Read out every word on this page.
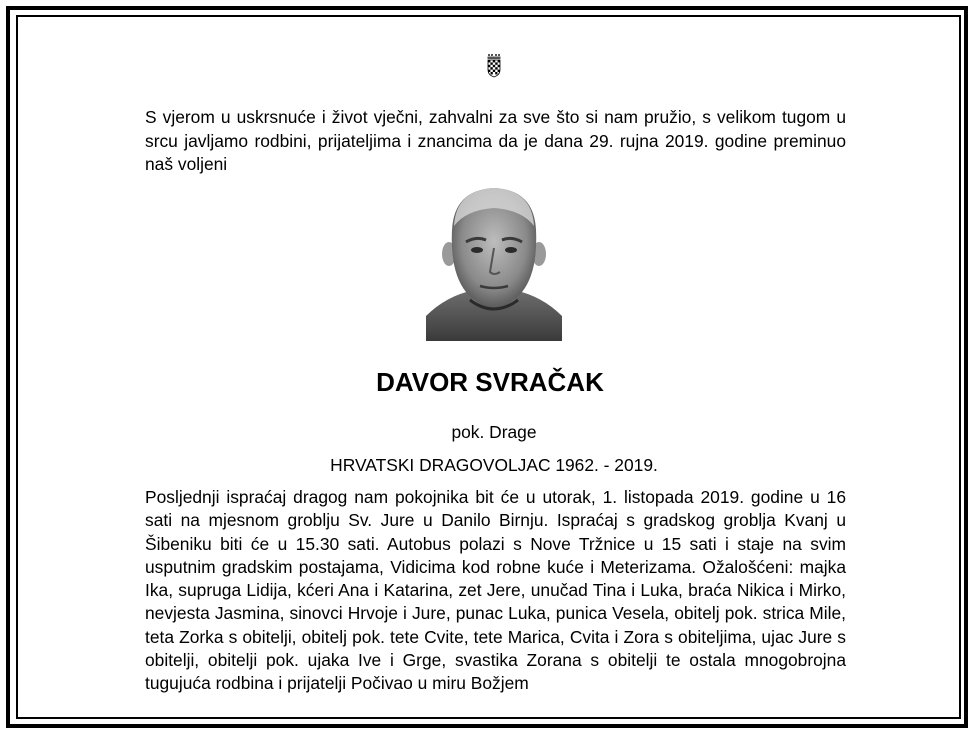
S vjerom u uskrsnuće i život vječni, zahvalni za sve što si nam pružio, s velikom tugom u srcu javljamo rodbini, prijateljima i znancima da je dana 29. rujna 2019. godine preminuo naš voljeni

DAVOR SVRAČAK

pok. Drage

HRVATSKI DRAGOVOLJAC 1962. - 2019.

Posljednji ispraćaj dragog nam pokojnika bit će u utorak, 1. listopada 2019. godine u 16 sati na mjesnom groblju Sv. Jure u Danilo Birnju. Ispraćaj s gradskog groblja Kvanj u Šibeniku biti će u 15.30 sati. Autobus polazi s Nove Tržnice u 15 sati i staje na svim usputnim gradskim postajama, Vidicima kod robne kuće i Meterizama. Ožalošćeni: majka Ika, supruga Lidija, kćeri Ana i Katarina, zet Jere, unučad Tina i Luka, braća Nikica i Mirko, nevjesta Jasmina, sinovci Hrvoje i Jure, punac Luka, punica Vesela, obitelj pok. strica Mile, teta Zorka s obitelji, obitelj pok. tete Cvite, tete Marica, Cvita i Zora s obiteljima, ujac Jure s obitelji, obitelji pok. ujaka Ive i Grge, svastika Zorana s obitelji te ostala mnogobrojna tugujuća rodbina i prijatelji Počivao u miru Božjem
